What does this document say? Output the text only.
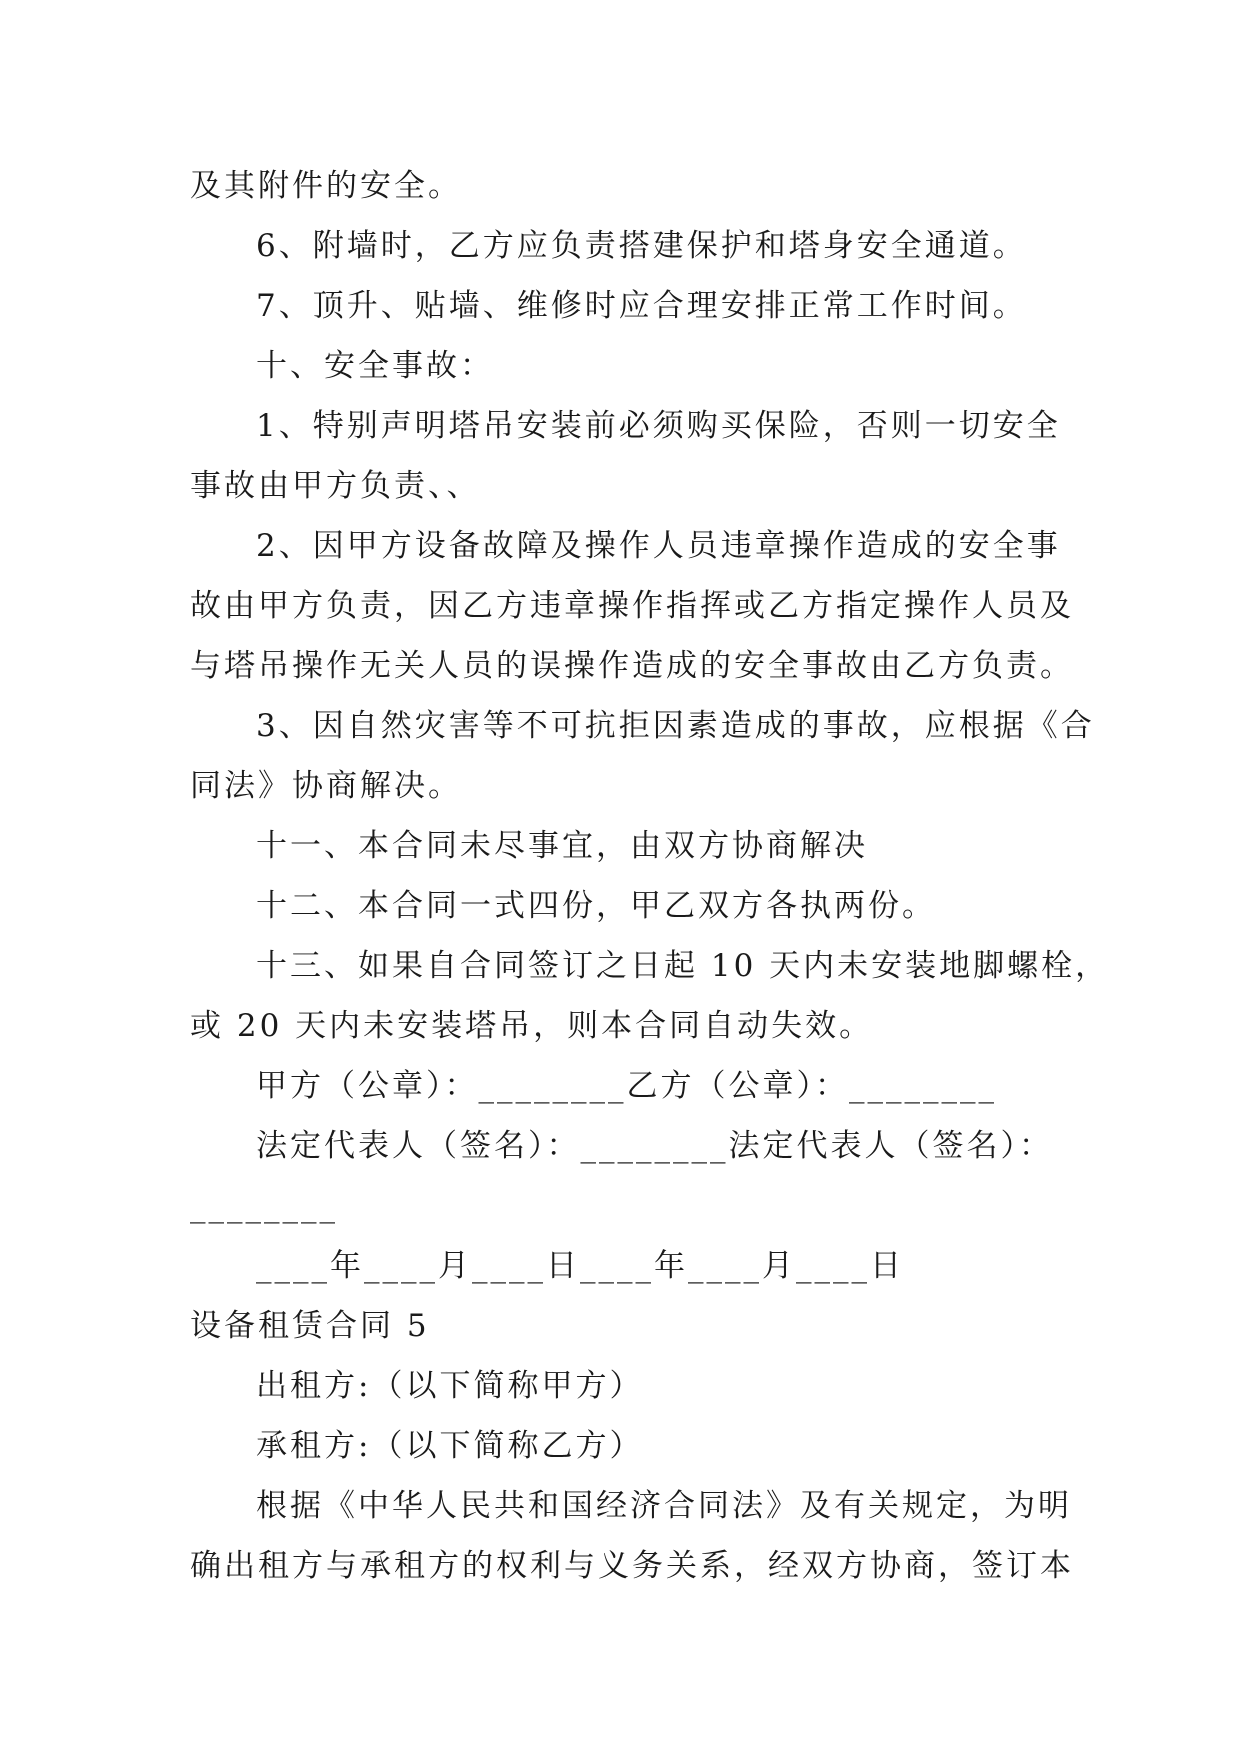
及其附件的安全。
6、附墙时，乙方应负责搭建保护和塔身安全通道。
7、顶升、贴墙、维修时应合理安排正常工作时间。
十、安全事故：
1、特别声明塔吊安装前必须购买保险，否则一切安全
事故由甲方负责、、
2、因甲方设备故障及操作人员违章操作造成的安全事
故由甲方负责，因乙方违章操作指挥或乙方指定操作人员及
与塔吊操作无关人员的误操作造成的安全事故由乙方负责。
3、因自然灾害等不可抗拒因素造成的事故，应根据《合
同法》协商解决。
十一、本合同未尽事宜，由双方协商解决
十二、本合同一式四份，甲乙双方各执两份。
十三、如果自合同签订之日起 10 天内未安装地脚螺栓，
或 20 天内未安装塔吊，则本合同自动失效。
甲方（公章）：________乙方（公章）：________
法定代表人（签名）：________法定代表人（签名）：
________
____年____月____日____年____月____日
设备租赁合同 5
出租方:（以下简称甲方）
承租方:（以下简称乙方）
根据《中华人民共和国经济合同法》及有关规定，为明
确出租方与承租方的权利与义务关系，经双方协商，签订本
